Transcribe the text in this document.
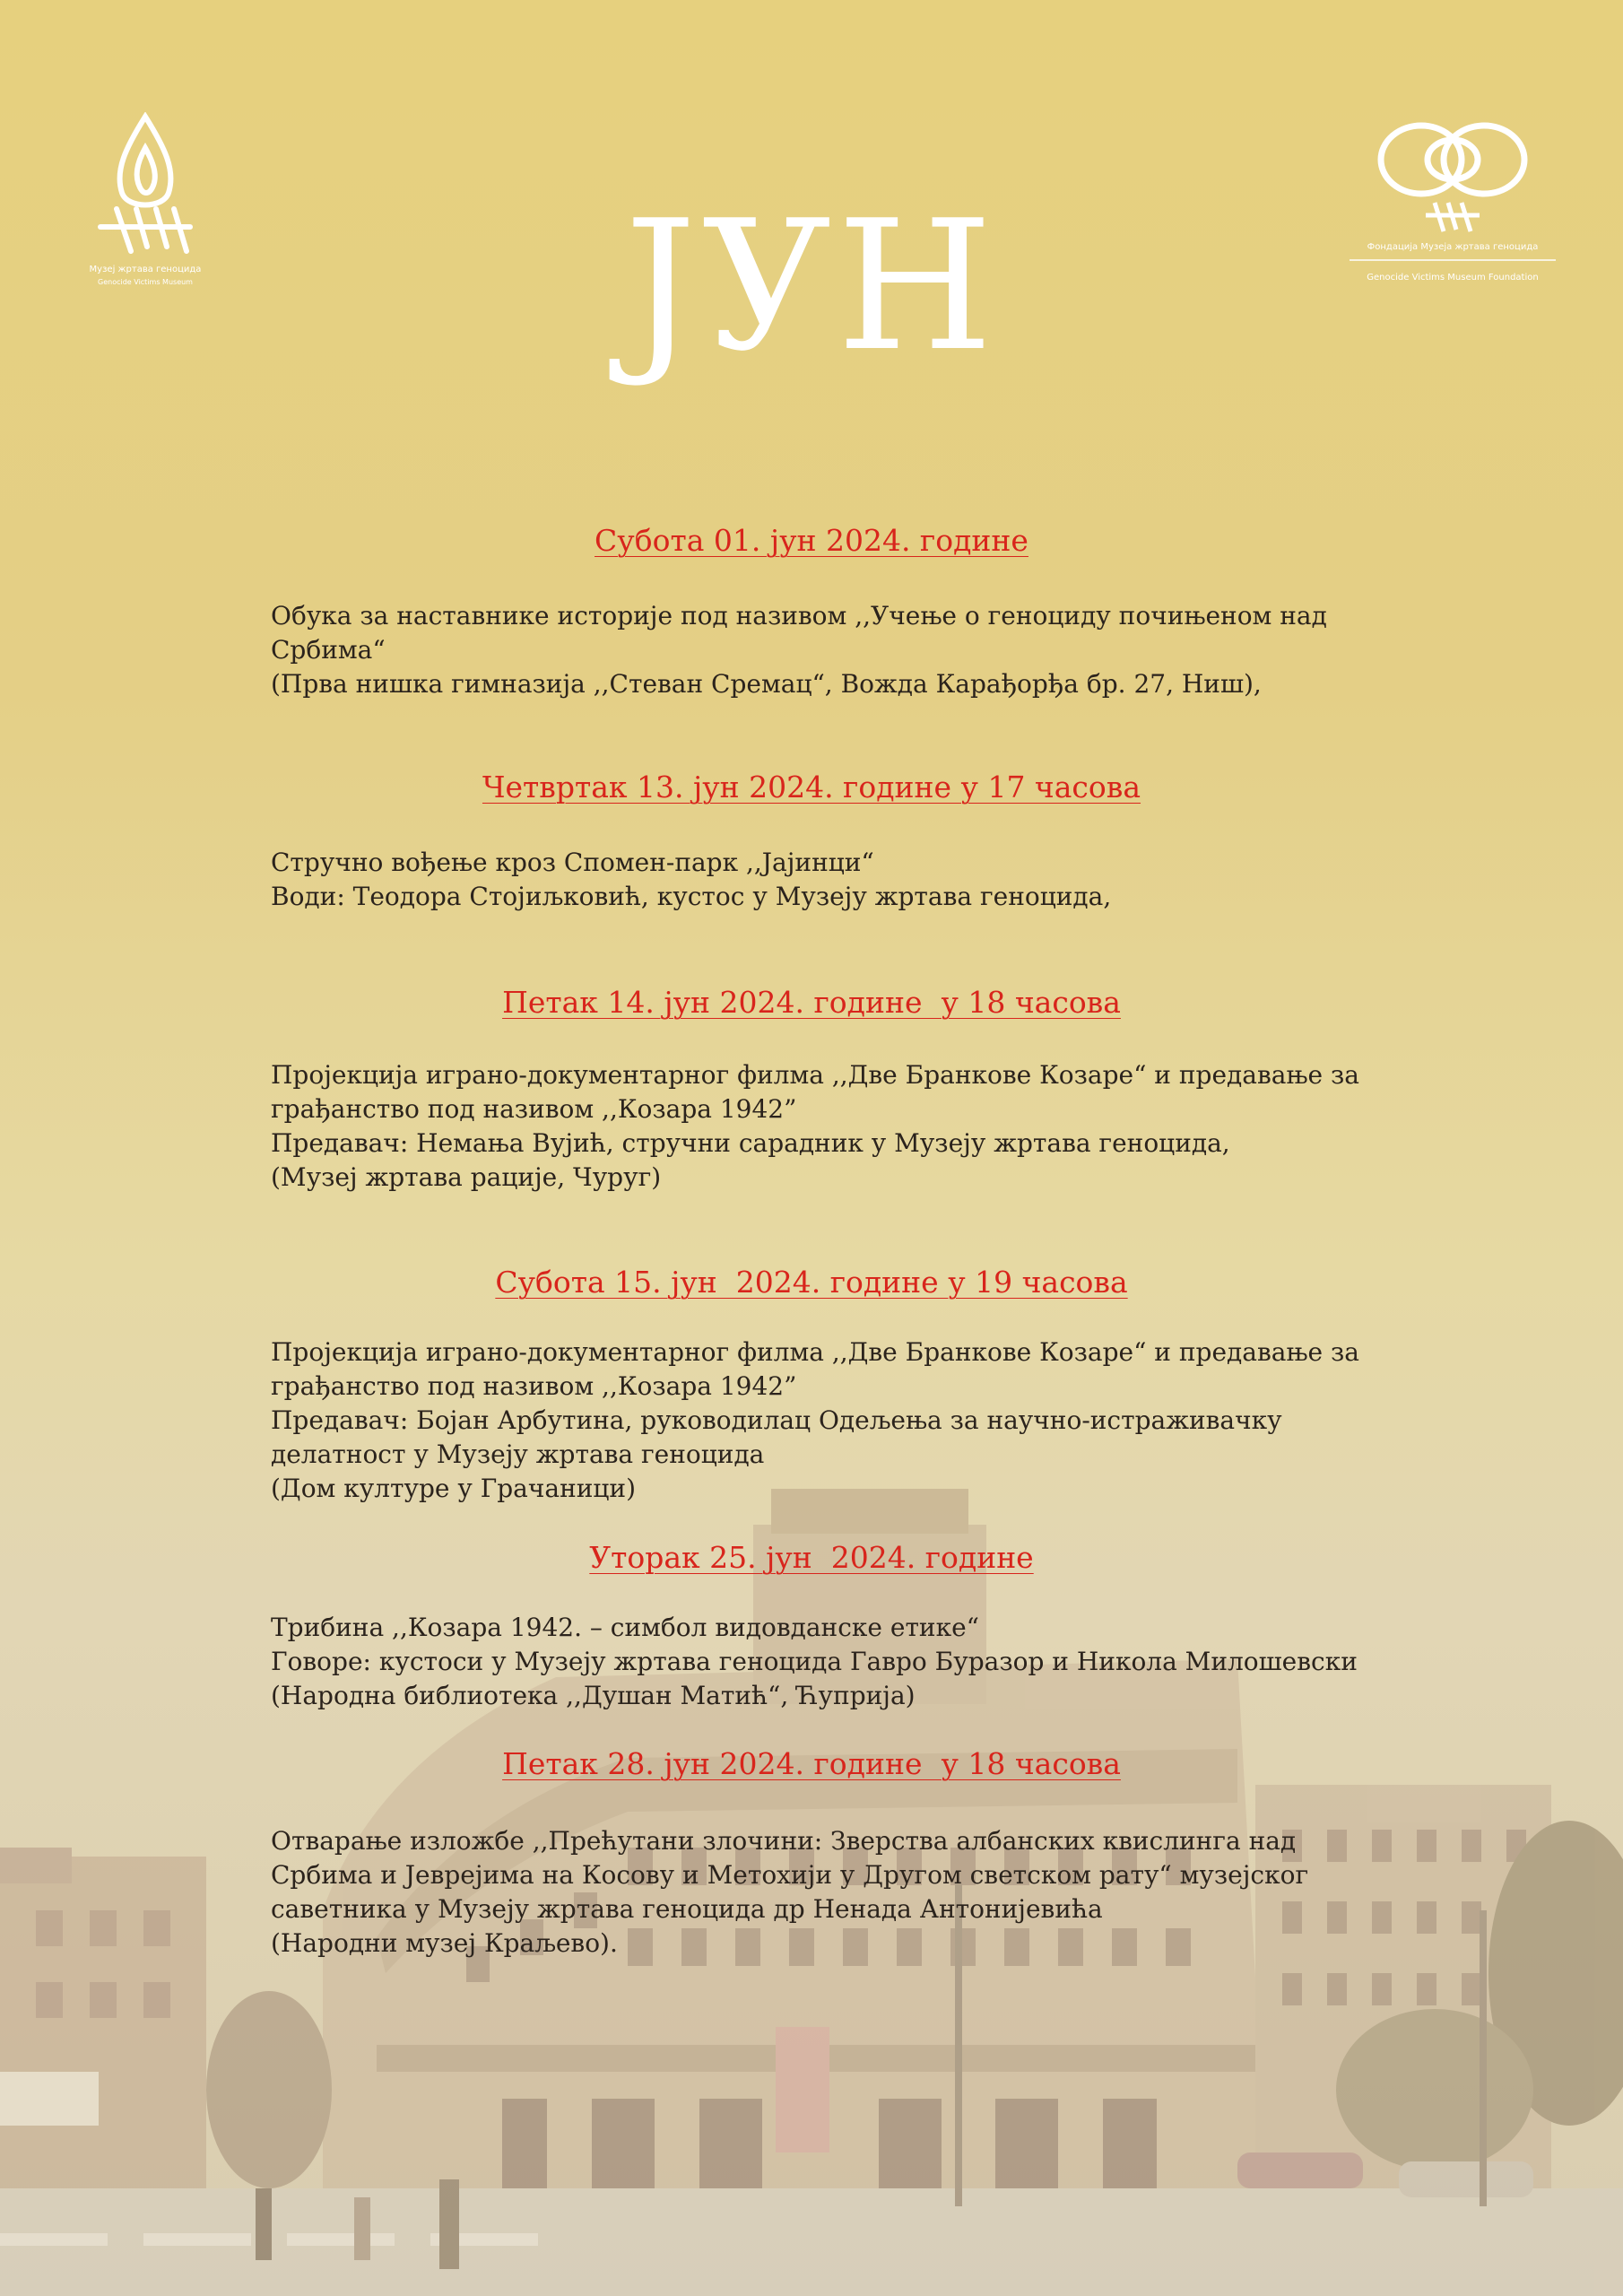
Музеј жртава геноцида
Genocide Victims Museum
Фондација Музеја жртава геноцида
Genocide Victims Museum Foundation
ЈУН
Субота 01. јун 2024. године
Обука за наставнике историје под називом ,,Учење о геноциду почињеном над
Србима“
(Прва нишка гимназија ,,Стеван Сремац“, Вожда Карађорђа бр. 27, Ниш),
Четвртак 13. јун 2024. године у 17 часова
Стручно вођење кроз Спомен-парк ,,Јајинци“
Води: Теодора Стојиљковић, кустос у Музеју жртава геноцида,
Петак 14. јун 2024. године  у 18 часова
Пројекција играно-документарног филма ,,Две Бранкове Козаре“ и предавање за
грађанство под називом ,,Козара 1942”
Предавач: Немања Вујић, стручни сарадник у Музеју жртава геноцида,
(Музеј жртава рације, Чуруг)
Субота 15. јун  2024. године у 19 часова
Пројекција играно-документарног филма ,,Две Бранкове Козаре“ и предавање за
грађанство под називом ,,Козара 1942”
Предавач: Бојан Арбутина, руководилац Одељења за научно-истраживачку
делатност у Музеју жртава геноцида
(Дом културе у Грачаници)
Уторак 25. јун  2024. године
Трибина ,,Козара 1942. – симбол видовданске етике“
Говоре: кустоси у Музеју жртава геноцида Гавро Буразор и Никола Милошевски
(Народна библиотека ,,Душан Матић“, Ћуприја)
Петак 28. јун 2024. године  у 18 часова
Отварање изложбе ,,Прећутани злочини: Зверства албанских квислинга над
Србима и Јеврејима на Косову и Метохији у Другом светском рату“ музејског
саветника у Музеју жртава геноцида др Ненада Антонијевића
(Народни музеј Краљево).
